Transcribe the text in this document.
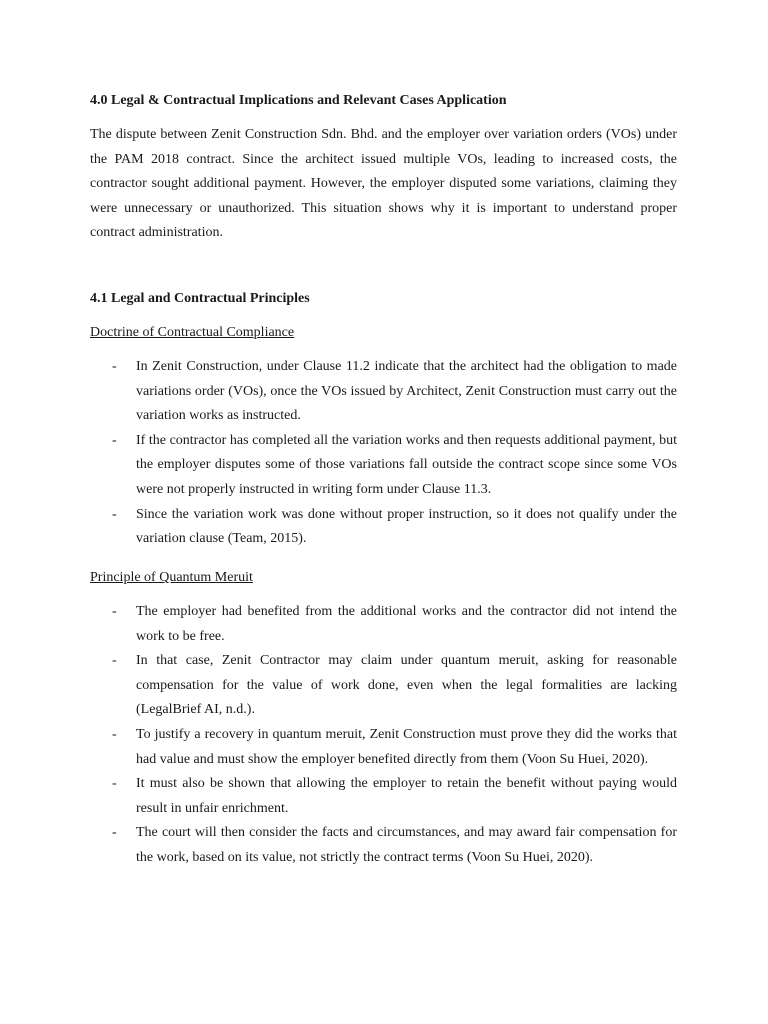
4.0 Legal & Contractual Implications and Relevant Cases Application

The dispute between Zenit Construction Sdn. Bhd. and the employer over variation orders (VOs) under the PAM 2018 contract. Since the architect issued multiple VOs, leading to increased costs, the contractor sought additional payment. However, the employer disputed some variations, claiming they were unnecessary or unauthorized. This situation shows why it is important to understand proper contract administration.

4.1 Legal and Contractual Principles
Doctrine of Contractual Compliance
- In Zenit Construction, under Clause 11.2 indicate that the architect had the obligation to made variations order (VOs), once the VOs issued by Architect, Zenit Construction must carry out the variation works as instructed.
- If the contractor has completed all the variation works and then requests additional payment, but the employer disputes some of those variations fall outside the contract scope since some VOs were not properly instructed in writing form under Clause 11.3.
- Since the variation work was done without proper instruction, so it does not qualify under the variation clause (Team, 2015).
Principle of Quantum Meruit
- The employer had benefited from the additional works and the contractor did not intend the work to be free.
- In that case, Zenit Contractor may claim under quantum meruit, asking for reasonable compensation for the value of work done, even when the legal formalities are lacking (LegalBrief AI, n.d.).
- To justify a recovery in quantum meruit, Zenit Construction must prove they did the works that had value and must show the employer benefited directly from them (Voon Su Huei, 2020).
- It must also be shown that allowing the employer to retain the benefit without paying would result in unfair enrichment.
- The court will then consider the facts and circumstances, and may award fair compensation for the work, based on its value, not strictly the contract terms (Voon Su Huei, 2020).
